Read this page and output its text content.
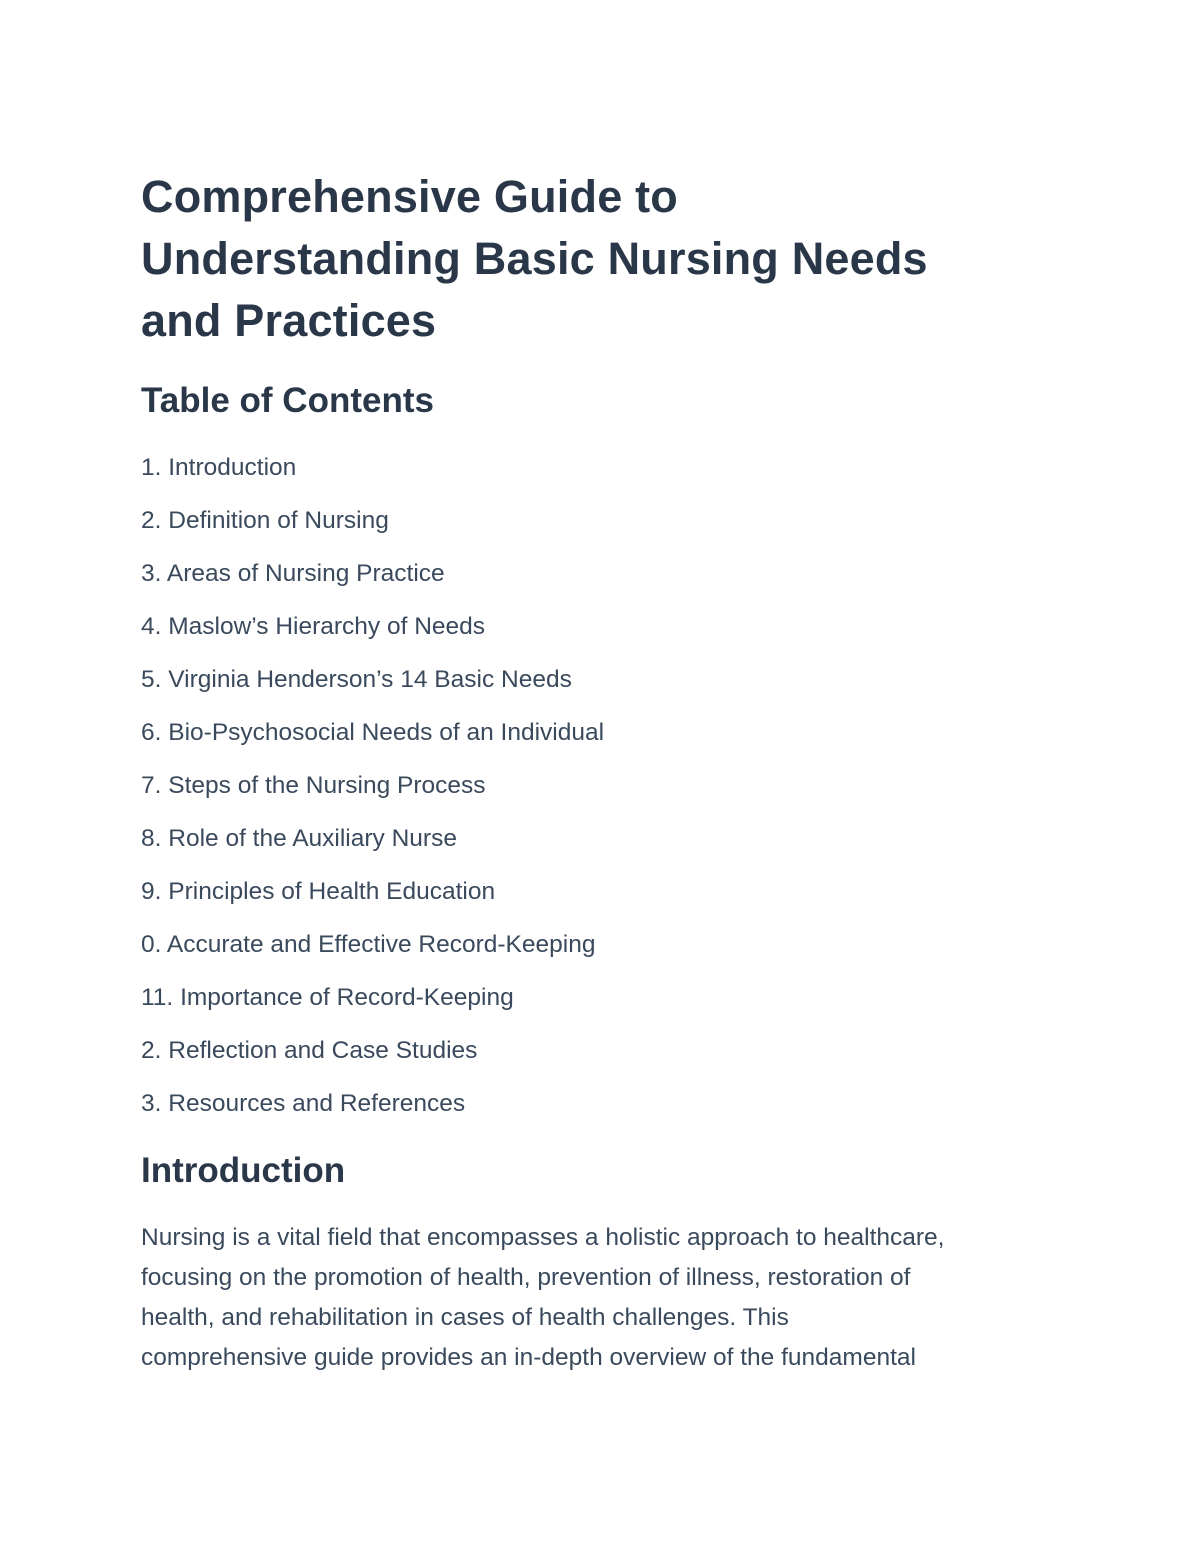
Comprehensive Guide to
Understanding Basic Nursing Needs
and Practices
Table of Contents
1. Introduction
2. Definition of Nursing
3. Areas of Nursing Practice
4. Maslow’s Hierarchy of Needs
5. Virginia Henderson’s 14 Basic Needs
6. Bio-Psychosocial Needs of an Individual
7. Steps of the Nursing Process
8. Role of the Auxiliary Nurse
9. Principles of Health Education
0. Accurate and Effective Record-Keeping
11. Importance of Record-Keeping
2. Reflection and Case Studies
3. Resources and References
Introduction

Nursing is a vital field that encompasses a holistic approach to healthcare,
focusing on the promotion of health, prevention of illness, restoration of
health, and rehabilitation in cases of health challenges. This
comprehensive guide provides an in-depth overview of the fundamental
